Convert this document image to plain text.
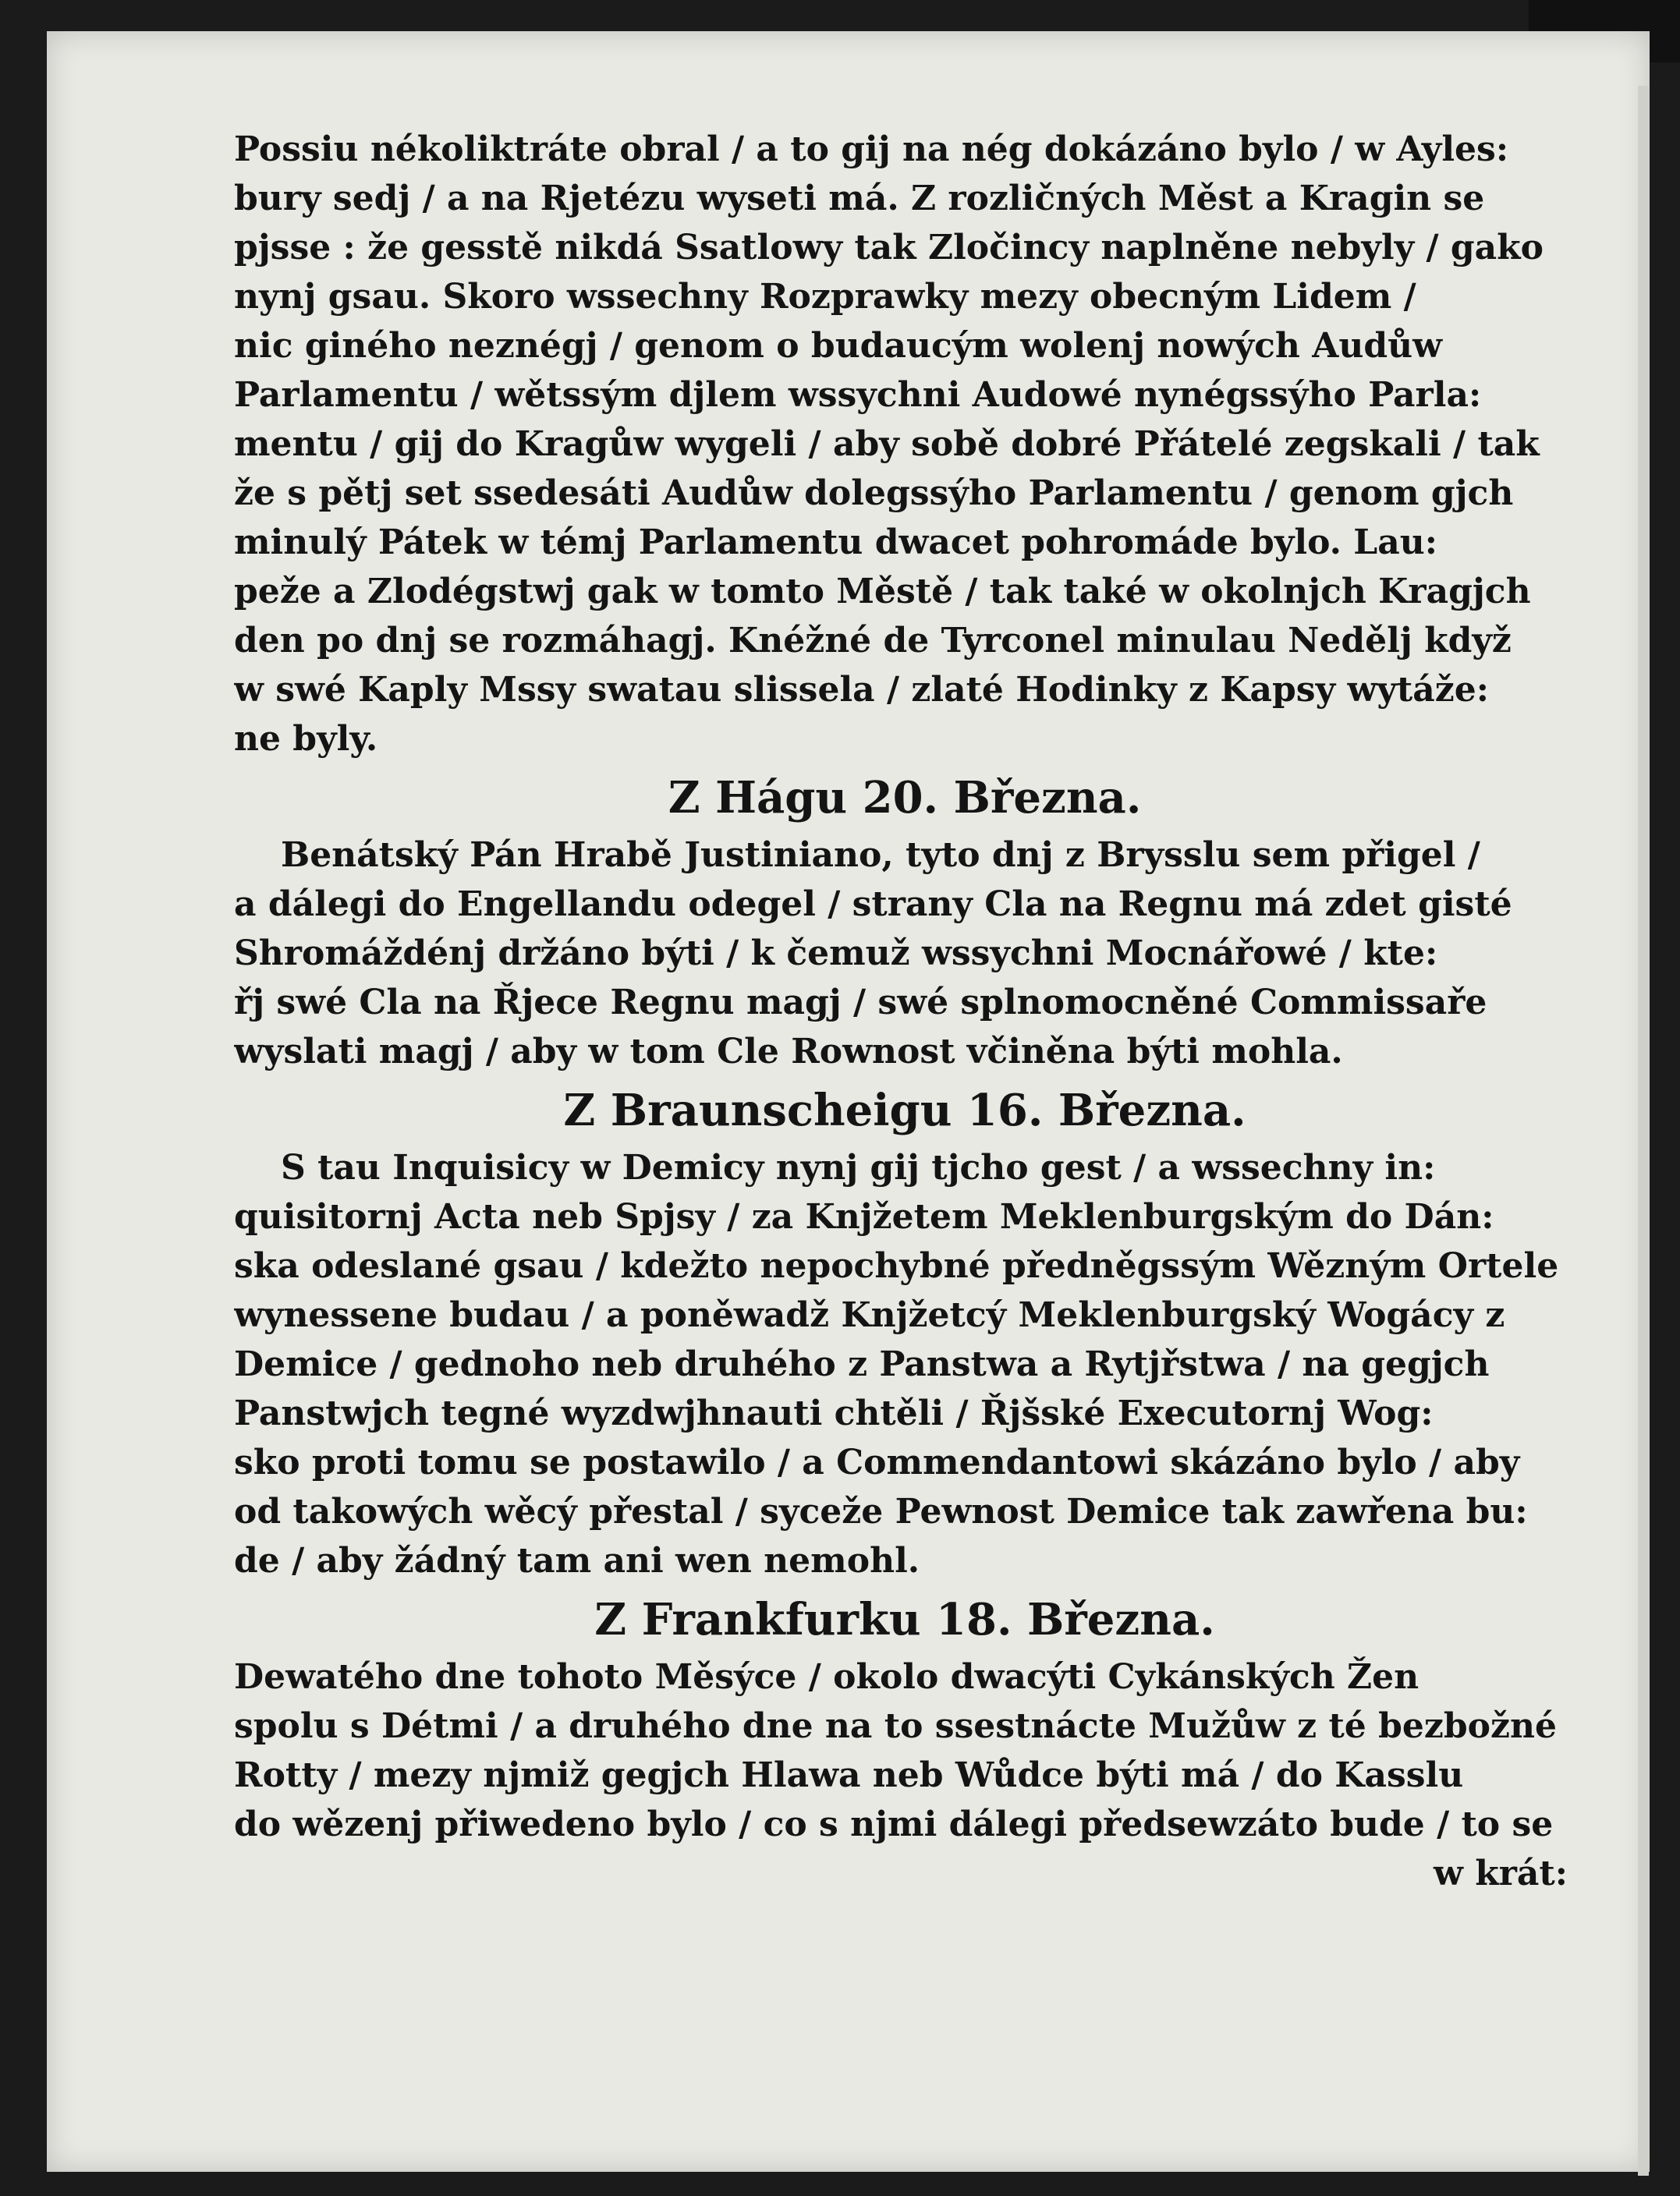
Possiu nékoliktráte obral / a to gij na nég dokázáno bylo / w Ayles:
bury sedj / a na Rjetézu wyseti má. Z rozličných Měst a Kragin se
pjsse : že gesstě nikdá Ssatlowy tak Zločincy naplněne nebyly / gako
nynj gsau. Skoro wssechny Rozprawky mezy obecným Lidem /
nic giného neznégj / genom o budaucým wolenj nowých Audůw
Parlamentu / wětssým djlem wssychni Audowé nynégssýho Parla:
mentu / gij do Kragůw wygeli / aby sobě dobré Přátelé zegskali / tak
že s pětj set ssedesáti Audůw dolegssýho Parlamentu / genom gjch
minulý Pátek w témj Parlamentu dwacet pohromáde bylo. Lau:
peže a Zlodégstwj gak w tomto Městě / tak také w okolnjch Kragjch
den po dnj se rozmáhagj. Knéžné de Tyrconel minulau Nedělj když
w swé Kaply Mssy swatau slissela / zlaté Hodinky z Kapsy wytáže:
ne byly.
Z Hágu 20. Března.
Benátský Pán Hrabě Justiniano, tyto dnj z Brysslu sem přigel /
a dálegi do Engellandu odegel / strany Cla na Regnu má zdet gisté
Shromáždénj držáno býti / k čemuž wssychni Mocnářowé / kte:
řj swé Cla na Řjece Regnu magj / swé splnomocněné Commissaře
wyslati magj / aby w tom Cle Rownost včiněna býti mohla.
Z Braunscheigu 16. Března.
S tau Inquisicy w Demicy nynj gij tjcho gest / a wssechny in:
quisitornj Acta neb Spjsy / za Knjžetem Meklenburgským do Dán:
ska odeslané gsau / kdežto nepochybné předněgssým Wězným Ortele
wynessene budau / a poněwadž Knjžetcý Meklenburgský Wogácy z
Demice / gednoho neb druhého z Panstwa a Rytjřstwa / na gegjch
Panstwjch tegné wyzdwjhnauti chtěli / Řjšské Executornj Wog:
sko proti tomu se postawilo / a Commendantowi skázáno bylo / aby
od takowých wěcý přestal / sycežе Pewnost Demice tak zawřena bu:
de / aby žádný tam ani wen nemohl.
Z Frankfurku 18. Března.
Dewatého dne tohoto Měsýce / okolo dwacýti Cykánských Žen
spolu s Détmi / a druhého dne na to ssestnácte Mužůw z té bezbožné
Rotty / mezy njmiž gegjch Hlawa neb Wůdce býti má / do Kasslu
do wězenj přiwedeno bylo / co s njmi dálegi předsewzáto bude / to se
w krát:
